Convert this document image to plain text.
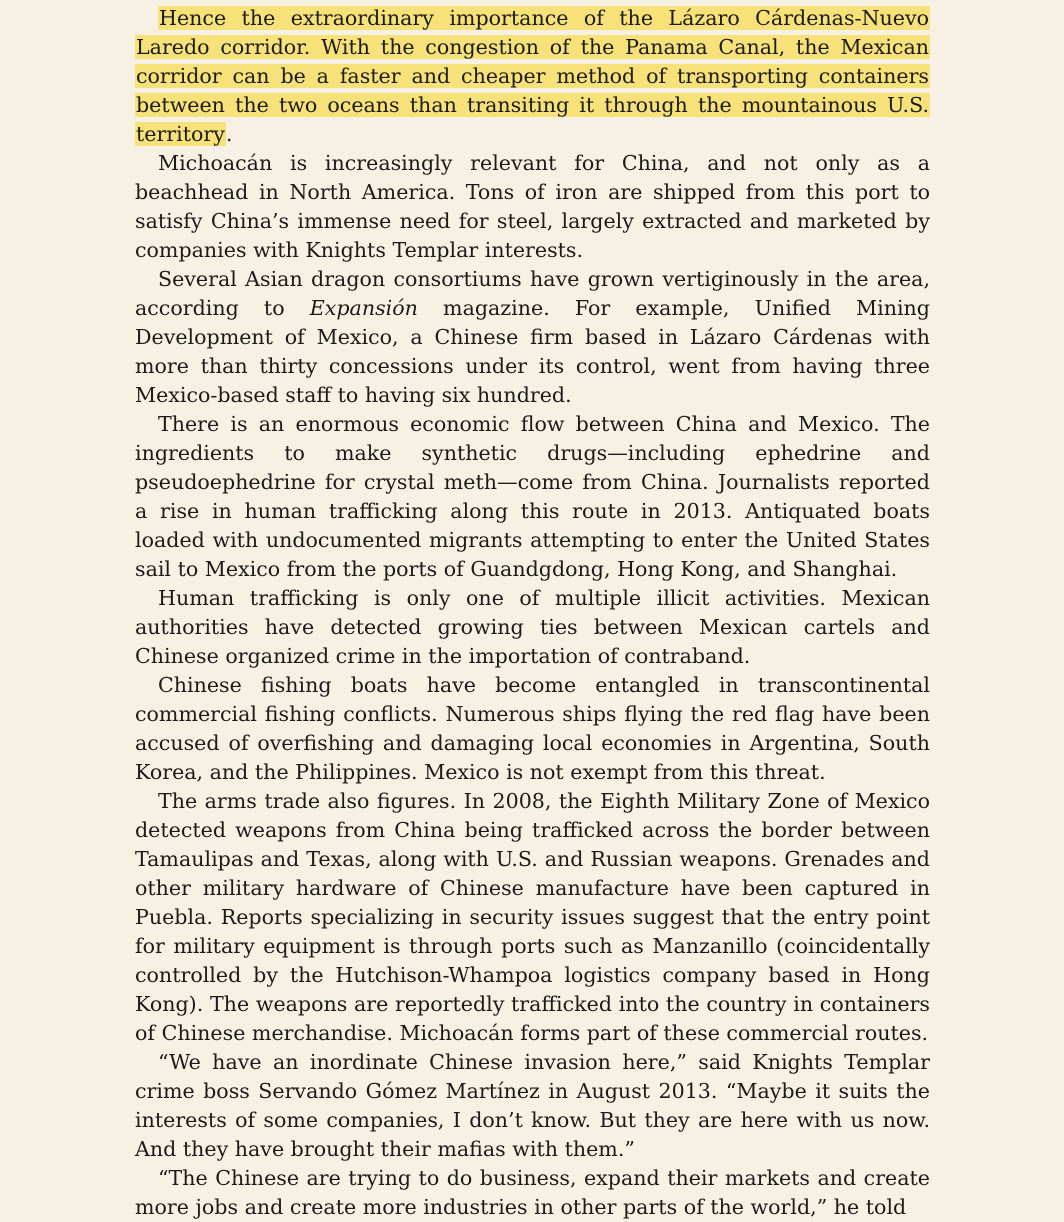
Hence the extraordinary importance of the Lázaro Cárdenas-Nuevo Laredo corridor. With the congestion of the Panama Canal, the Mexican corridor can be a faster and cheaper method of transporting containers between the two oceans than transiting it through the mountainous U.S. territory.

Michoacán is increasingly relevant for China, and not only as a beachhead in North America. Tons of iron are shipped from this port to satisfy China’s immense need for steel, largely extracted and marketed by companies with Knights Templar interests.

Several Asian dragon consortiums have grown vertiginously in the area, according to Expansión magazine. For example, Unified Mining Development of Mexico, a Chinese firm based in Lázaro Cárdenas with more than thirty concessions under its control, went from having three Mexico-based staff to having six hundred.

There is an enormous economic flow between China and Mexico. The ingredients to make synthetic drugs—including ephedrine and pseudoephedrine for crystal meth—come from China. Journalists reported a rise in human trafficking along this route in 2013. Antiquated boats loaded with undocumented migrants attempting to enter the United States sail to Mexico from the ports of Guandgdong, Hong Kong, and Shanghai.

Human trafficking is only one of multiple illicit activities. Mexican authorities have detected growing ties between Mexican cartels and Chinese organized crime in the importation of contraband.

Chinese fishing boats have become entangled in transcontinental commercial fishing conflicts. Numerous ships flying the red flag have been accused of overfishing and damaging local economies in Argentina, South Korea, and the Philippines. Mexico is not exempt from this threat.

The arms trade also figures. In 2008, the Eighth Military Zone of Mexico detected weapons from China being trafficked across the border between Tamaulipas and Texas, along with U.S. and Russian weapons. Grenades and other military hardware of Chinese manufacture have been captured in Puebla. Reports specializing in security issues suggest that the entry point for military equipment is through ports such as Manzanillo (coincidentally controlled by the Hutchison-Whampoa logistics company based in Hong Kong). The weapons are reportedly trafficked into the country in containers of Chinese merchandise. Michoacán forms part of these commercial routes.

“We have an inordinate Chinese invasion here,” said Knights Templar crime boss Servando Gómez Martínez in August 2013. “Maybe it suits the interests of some companies, I don’t know. But they are here with us now. And they have brought their mafias with them.”

“The Chinese are trying to do business, expand their markets and create more jobs and create more industries in other parts of the world,” he told
